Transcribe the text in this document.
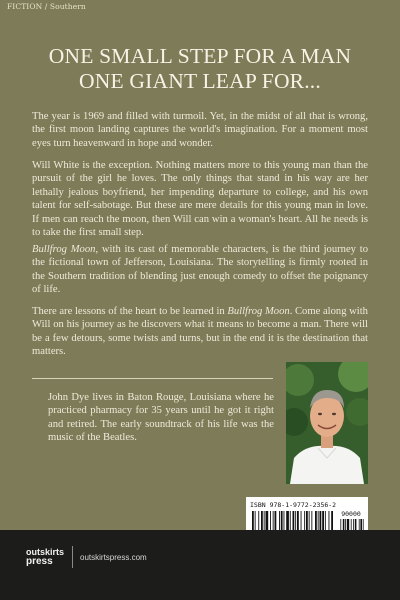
FICTION / Southern
ONE SMALL STEP FOR A MAN
ONE GIANT LEAP FOR...

The year is 1969 and filled with turmoil. Yet, in the midst of all that is wrong, the first moon landing captures the world's imagination. For a moment most eyes turn heavenward in hope and wonder.

Will White is the exception. Nothing matters more to this young man than the pursuit of the girl he loves. The only things that stand in his way are her lethally jealous boyfriend, her impending departure to college, and his own talent for self-sabotage. But these are mere details for this young man in love. If men can reach the moon, then Will can win a woman's heart. All he needs is to take the first small step.

Bullfrog Moon, with its cast of memorable characters, is the third journey to the fictional town of Jefferson, Louisiana. The storytelling is firmly rooted in the Southern tradition of blending just enough comedy to offset the poignancy of life.

There are lessons of the heart to be learned in Bullfrog Moon. Come along with Will on his journey as he discovers what it means to become a man. There will be a few detours, some twists and turns, but in the end it is the destination that matters.

John Dye lives in Baton Rouge, Louisiana where he practiced pharmacy for 35 years until he got it right and retired. The early soundtrack of his life was the music of the Beatles.

90000
ISBN 978-1-9772-2356-2
outskirts
press	outskirtspress.com
